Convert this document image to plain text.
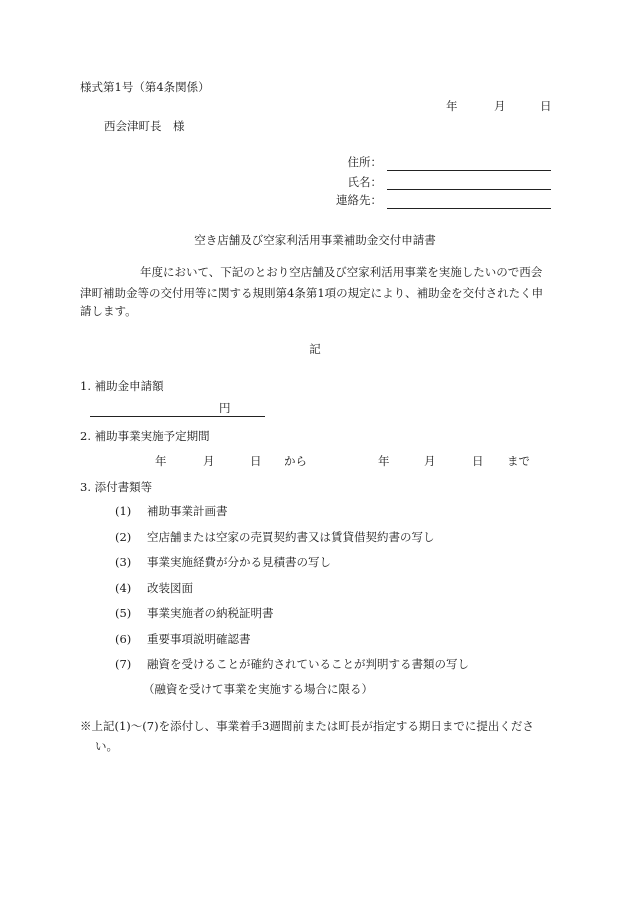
様式第1号（第4条関係）
年	月	日
西会津町長　様
住所：
氏名：
連絡先：
空き店舗及び空家利活用事業補助金交付申請書
年度において、下記のとおり空店舗及び空家利活用事業を実施したいので西会
津町補助金等の交付用等に関する規則第4条第1項の規定により、補助金を交付されたく申
請します。
記
1. 補助金申請額
円
2. 補助事業実施予定期間
年	月	日 から	年	月	日 まで
3. 添付書類等
(1) 補助事業計画書
(2) 空店舗または空家の売買契約書又は賃貸借契約書の写し
(3) 事業実施経費が分かる見積書の写し
(4) 改装図面
(5) 事業実施者の納税証明書
(6) 重要事項説明確認書
(7) 融資を受けることが確約されていることが判明する書類の写し
（融資を受けて事業を実施する場合に限る）
※上記(1)～(7)を添付し、事業着手3週間前または町長が指定する期日までに提出くださ
い。
